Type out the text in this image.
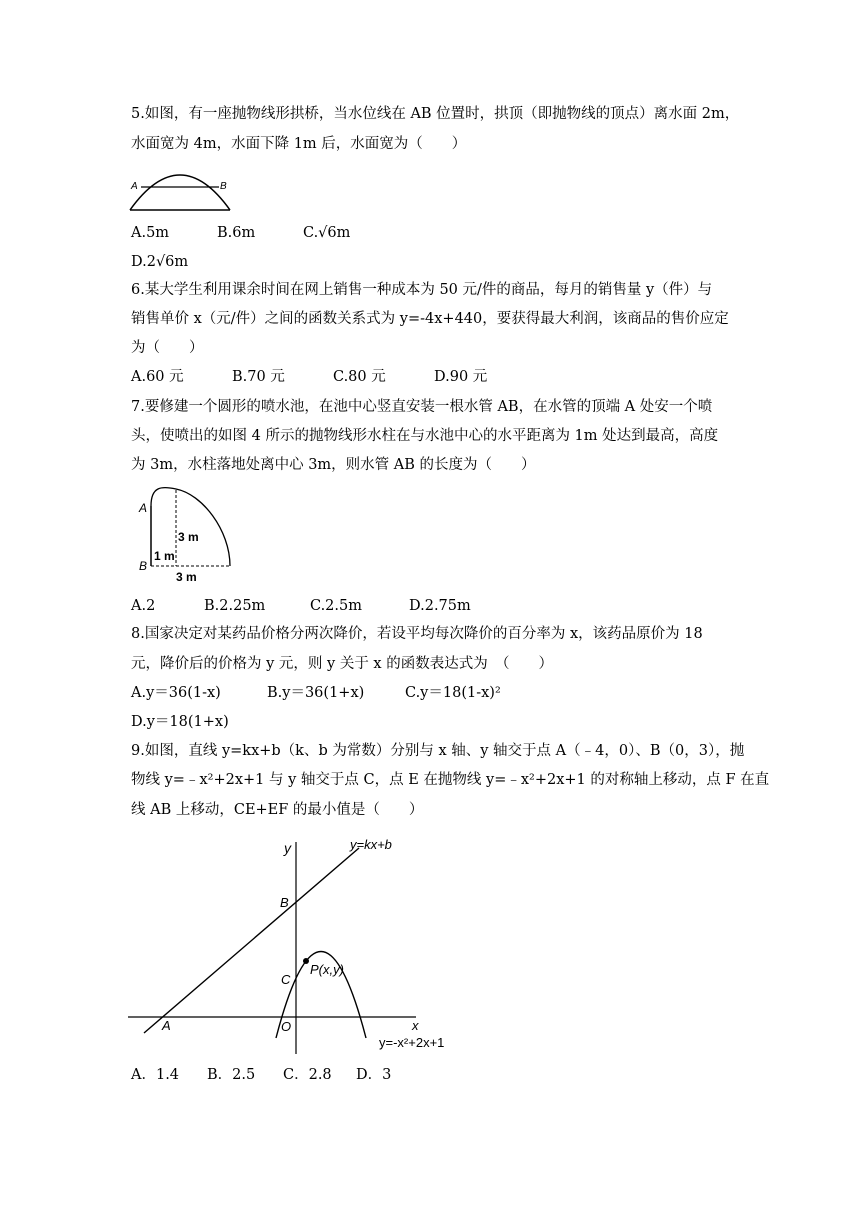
5.如图，有一座抛物线形拱桥，当水位线在 AB 位置时，拱顶（即抛物线的顶点）离水面 2m，
水面宽为 4m，水面下降 1m 后，水面宽为（　　）
A	B
A.5m	B.6m	C.√6m
D.2√6m
6.某大学生利用课余时间在网上销售一种成本为 50 元/件的商品，每月的销售量 y（件）与
销售单价 x（元/件）之间的函数关系式为 y=-4x+440，要获得最大利润，该商品的售价应定
为（　　）
A.60 元	B.70 元	C.80 元	D.90 元
7.要修建一个圆形的喷水池，在池中心竖直安装一根水管 AB，在水管的顶端 A 处安一个喷
头，使喷出的如图 4 所示的抛物线形水柱在与水池中心的水平距离为 1m 处达到最高，高度
为 3m，水柱落地处离中心 3m，则水管 AB 的长度为（　　）
A
B
3 m
1 m
3 m
A.2	B.2.25m	C.2.5m	D.2.75m
8.国家决定对某药品价格分两次降价，若设平均每次降价的百分率为 x，该药品原价为 18
元，降价后的价格为 y 元，则 y 关于 x 的函数表达式为　（　　）
A.y＝36(1-x)	B.y＝36(1+x)	C.y＝18(1-x)²
D.y＝18(1+x)
9.如图，直线 y=kx+b（k、b 为常数）分别与 x 轴、y 轴交于点 A（﹣4，0）、B（0，3），抛
物线 y=﹣x²+2x+1 与 y 轴交于点 C，点 E 在抛物线 y=﹣x²+2x+1 的对称轴上移动，点 F 在直
线 AB 上移动，CE+EF 的最小值是（　　）
y
x
y=kx+b
B
C
A	O
P(x,y)
y=-x²+2x+1
A．1.4 B．2.5 C．2.8 D．3
